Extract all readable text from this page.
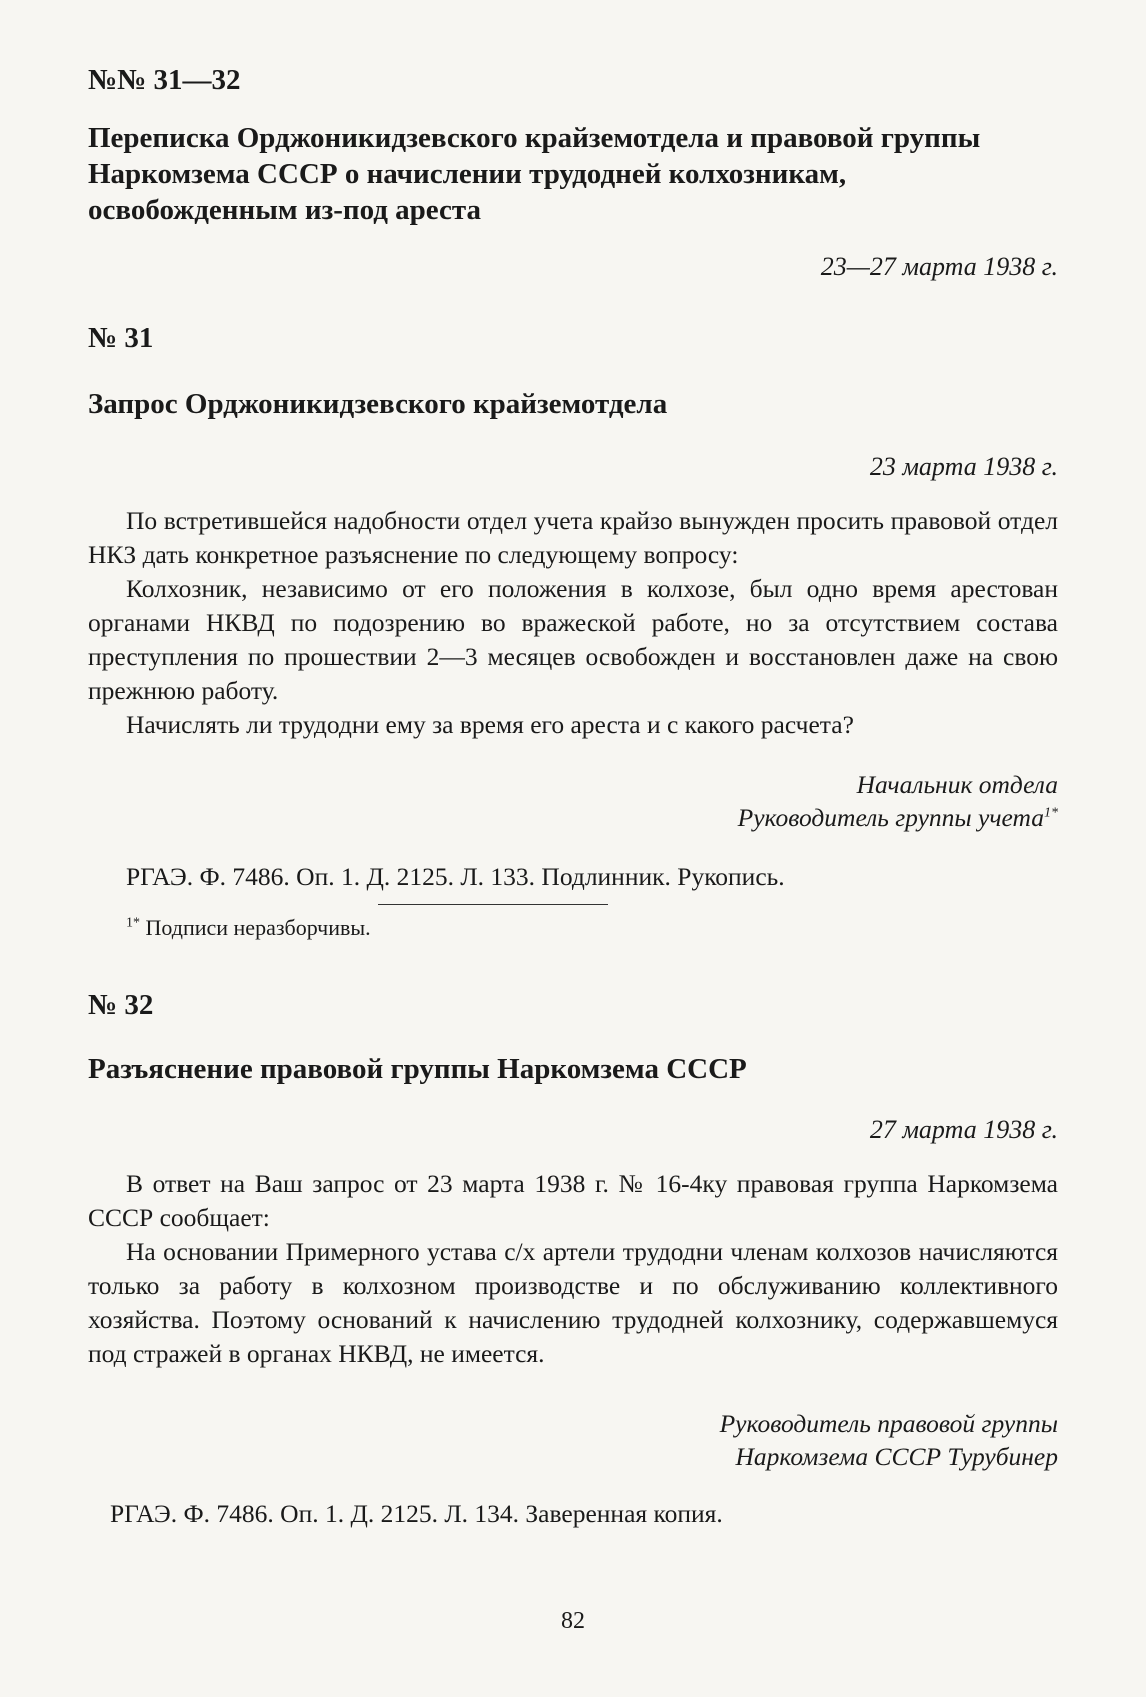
№№ 31—32

Переписка Орджоникидзевского крайземотдела и правовой группы Наркомзема СССР о начислении трудодней колхозникам, освобожденным из-под ареста

23—27 марта 1938 г.

№ 31

Запрос Орджоникидзевского крайземотдела

23 марта 1938 г.

По встретившейся надобности отдел учета крайзо вынужден просить правовой отдел НКЗ дать конкретное разъяснение по следующему вопросу:

Колхозник, независимо от его положения в колхозе, был одно время арестован органами НКВД по подозрению во вражеской работе, но за отсутствием состава преступления по прошествии 2—3 месяцев освобожден и восстановлен даже на свою прежнюю работу.

Начислять ли трудодни ему за время его ареста и с какого расчета?

Начальник отдела

Руководитель группы учета$^{1*}$

РГАЭ. Ф. 7486. Оп. 1. Д. 2125. Л. 133. Подлинник. Рукопись.

$^{1*}$ Подписи неразборчивы.

№ 32

Разъяснение правовой группы Наркомзема СССР

27 марта 1938 г.

В ответ на Ваш запрос от 23 марта 1938 г. № 16-4ку правовая группа Наркомзема СССР сообщает:

На основании Примерного устава с/х артели трудодни членам колхозов начисляются только за работу в колхозном производстве и по обслуживанию коллективного хозяйства. Поэтому оснований к начислению трудодней колхознику, содержавшемуся под стражей в органах НКВД, не имеется.

Руководитель правовой группы

Наркомзема СССР Турубинер

РГАЭ. Ф. 7486. Оп. 1. Д. 2125. Л. 134. Заверенная копия.

82
